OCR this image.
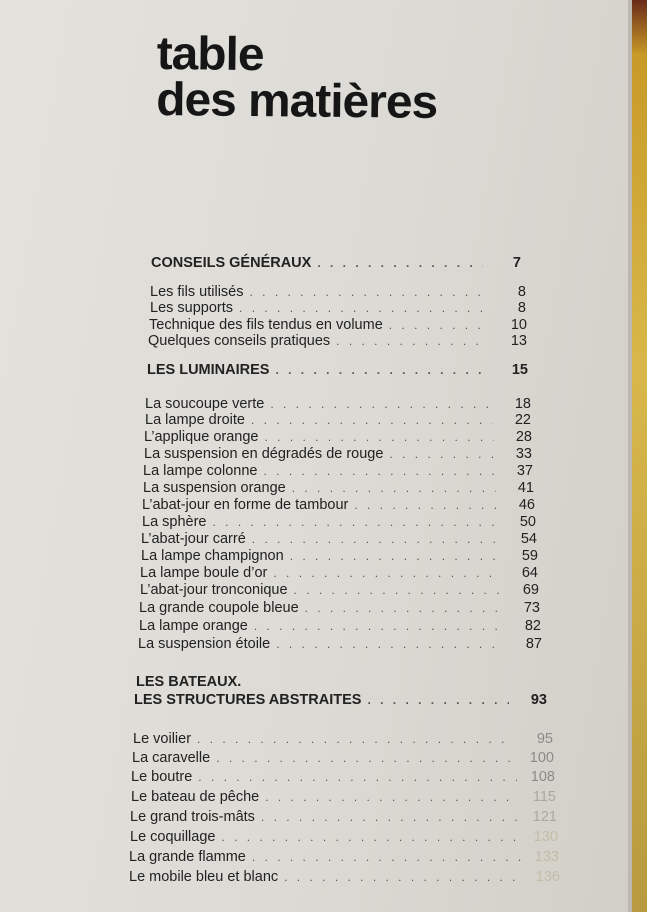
table
des matières
CONSEILS GÉNÉRAUX . . .	7
Les fils utilisés . . .	8
Les supports . . .	8
Technique des fils tendus en volume . . .	10
Quelques conseils pratiques . . .	13
LES LUMINAIRES . . .	15
La soucoupe verte . . .	18
La lampe droite . . .	22
L’applique orange . . .	28
La suspension en dégradés de rouge . . .	33
La lampe colonne . . .	37
La suspension orange . . .	41
L’abat-jour en forme de tambour . . .	46
La sphère . . .	50
L’abat-jour carré . . .	54
La lampe champignon . . .	59
La lampe boule d’or . . .	64
L’abat-jour tronconique . . .	69
La grande coupole bleue . . .	73
La lampe orange . . .	82
La suspension étoile . . .	87
LES BATEAUX.
LES STRUCTURES ABSTRAITES . . .	93
Le voilier . . .	95
La caravelle . . .	100
Le boutre . . .	108
Le bateau de pêche . . .	115
Le grand trois-mâts . . .	121
Le coquillage . . .	130
La grande flamme . . .	133
Le mobile bleu et blanc . . .	136
